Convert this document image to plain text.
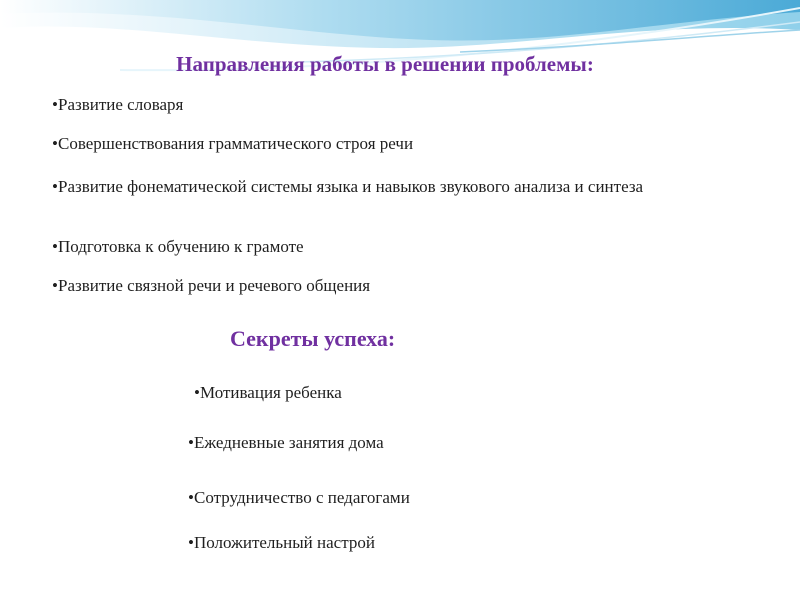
Направления работы в решении проблемы:
•Развитие словаря
•Совершенствования грамматического строя речи
•Развитие фонематической системы языка и навыков звукового анализа и синтеза
•Подготовка к обучению к грамоте
•Развитие связной речи и речевого общения
Секреты успеха:
•Мотивация ребенка
•Ежедневные занятия дома
•Сотрудничество с педагогами
•Положительный настрой
